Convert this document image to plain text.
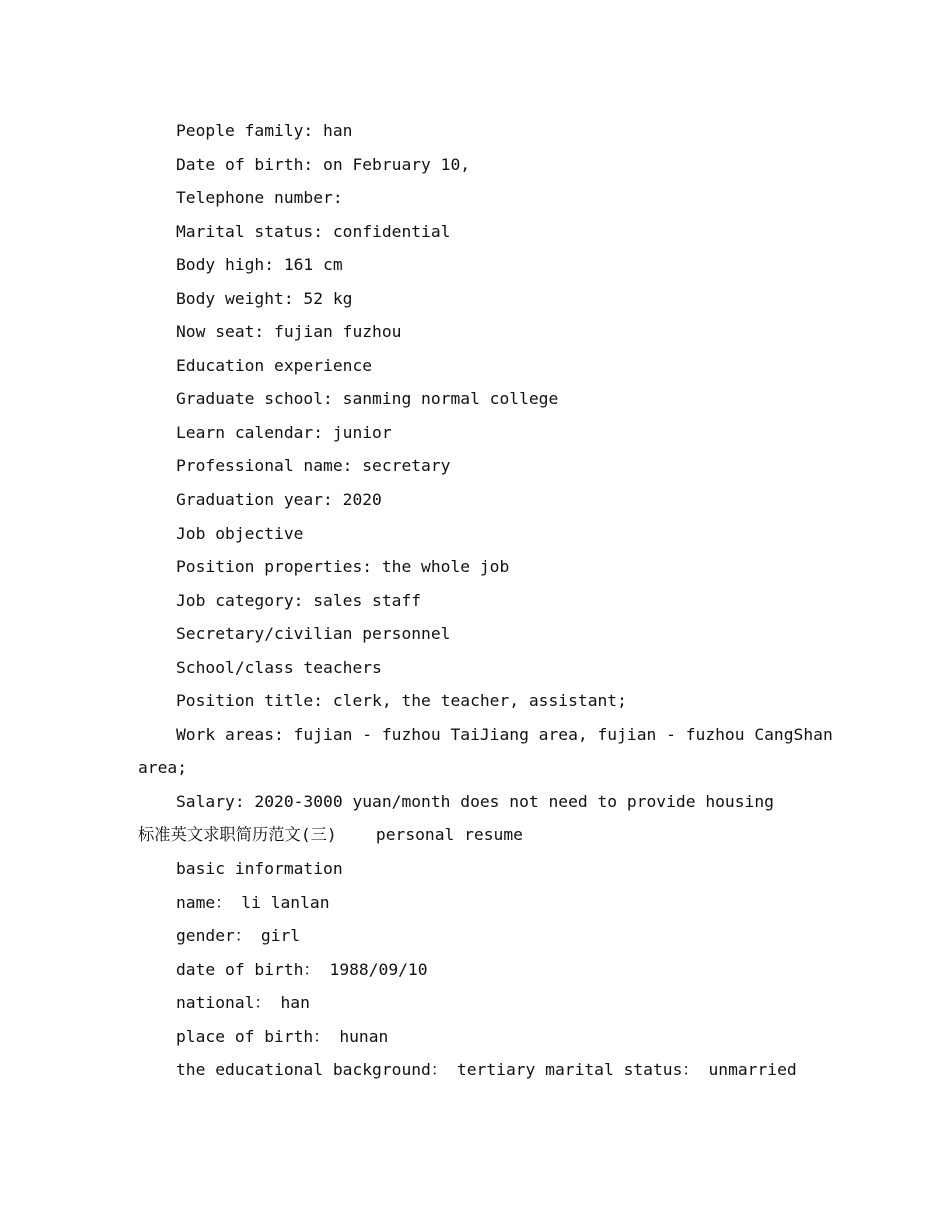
People family: han
Date of birth: on February 10,
Telephone number:
Marital status: confidential
Body high: 161 cm
Body weight: 52 kg
Now seat: fujian fuzhou
Education experience
Graduate school: sanming normal college
Learn calendar: junior
Professional name: secretary
Graduation year: 2020
Job objective
Position properties: the whole job
Job category: sales staff
Secretary/civilian personnel
School/class teachers
Position title: clerk, the teacher, assistant;
Work areas: fujian - fuzhou TaiJiang area, fujian - fuzhou CangShan
area;
Salary: 2020-3000 yuan/month does not need to provide housing
标准英文求职简历范文(三)    personal resume
basic information
name： li lanlan
gender： girl
date of birth： 1988/09/10
national： han
place of birth： hunan
the educational background： tertiary marital status： unmarried
